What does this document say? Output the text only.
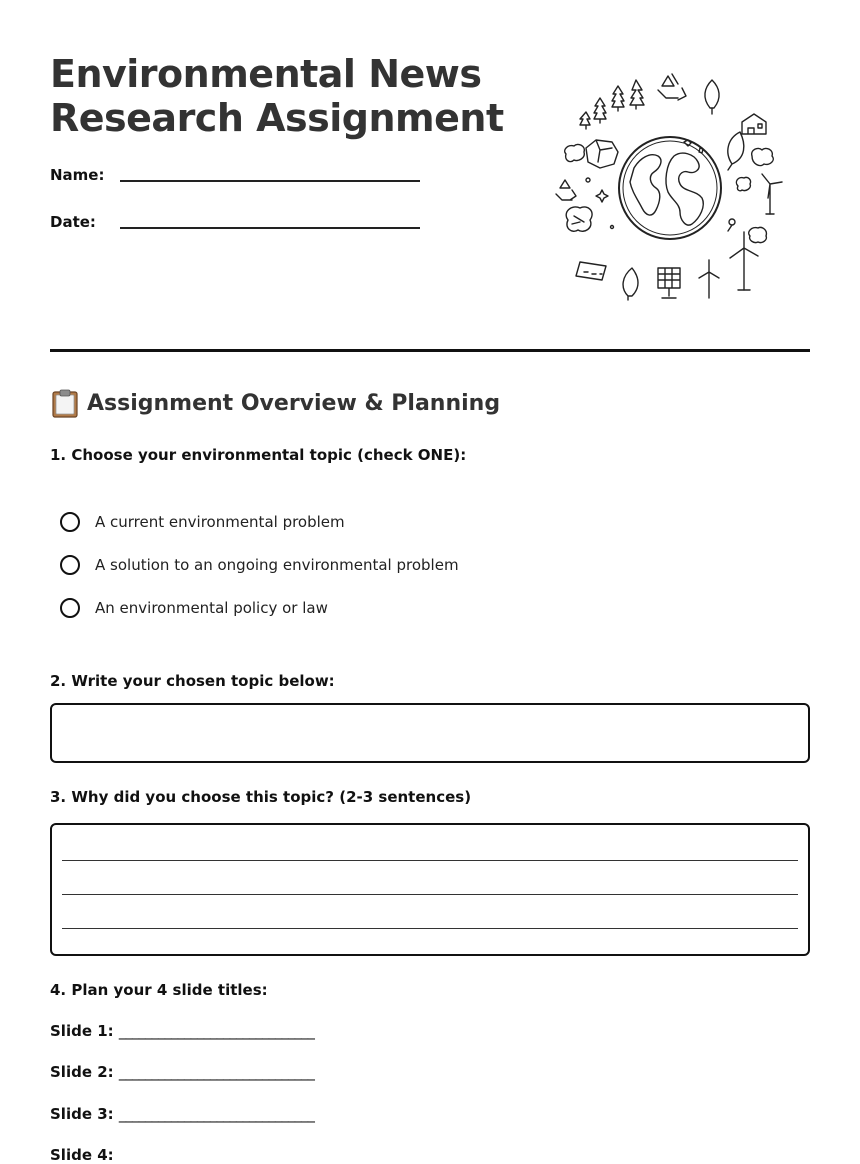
Environmental News
Research Assignment
Name:
Date:
Assignment Overview & Planning
1. Choose your environmental topic (check ONE):
A current environmental problem
A solution to an ongoing environmental problem
An environmental policy or law
2. Write your chosen topic below:
3. Why did you choose this topic? (2-3 sentences)
4. Plan your 4 slide titles:
Slide 1: ______________________________
Slide 2: ______________________________
Slide 3: ______________________________
Slide 4:
